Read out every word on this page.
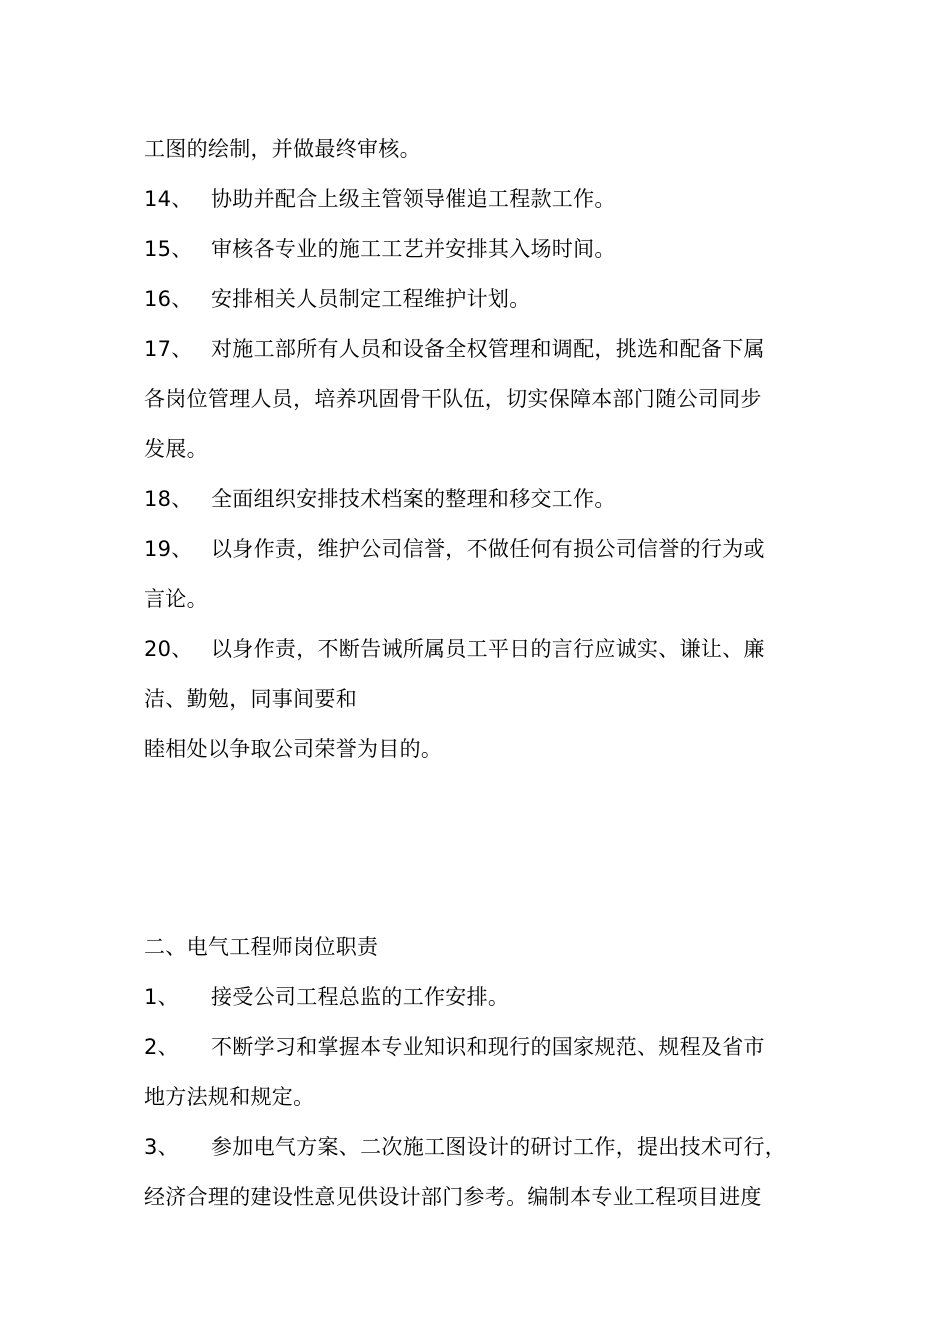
工图的绘制，并做最终审核。
14、 协助并配合上级主管领导催追工程款工作。
15、 审核各专业的施工工艺并安排其入场时间。
16、 安排相关人员制定工程维护计划。
17、 对施工部所有人员和设备全权管理和调配，挑选和配备下属
各岗位管理人员，培养巩固骨干队伍，切实保障本部门随公司同步
发展。
18、 全面组织安排技术档案的整理和移交工作。
19、 以身作责，维护公司信誉，不做任何有损公司信誉的行为或
言论。
20、 以身作责，不断告诫所属员工平日的言行应诚实、谦让、廉
洁、勤勉，同事间要和
睦相处以争取公司荣誉为目的。
二、电气工程师岗位职责
1、 接受公司工程总监的工作安排。
2、 不断学习和掌握本专业知识和现行的国家规范、规程及省市
地方法规和规定。
3、 参加电气方案、二次施工图设计的研讨工作，提出技术可行，
经济合理的建设性意见供设计部门参考。编制本专业工程项目进度
